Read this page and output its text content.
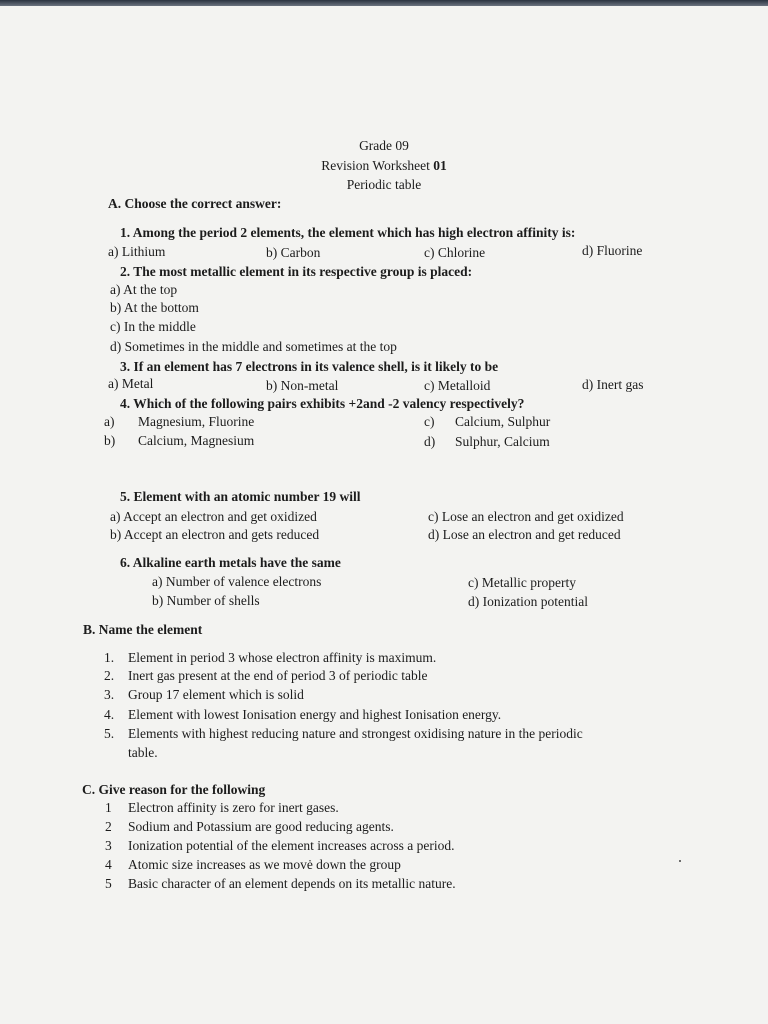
Grade 09
Revision Worksheet 01
Periodic table
A. Choose the correct answer:
1. Among the period 2 elements, the element which has high electron affinity is:
a) Lithium	b) Carbon	c) Chlorine	d) Fluorine
2. The most metallic element in its respective group is placed:
a) At the top
b) At the bottom
c) In the middle
d) Sometimes in the middle and sometimes at the top
3. If an element has 7 electrons in its valence shell, is it likely to be
a) Metal	b) Non-metal	c) Metalloid	d) Inert gas
4. Which of the following pairs exhibits +2and -2 valency respectively?
a) Magnesium, Fluorine
b) Calcium, Magnesium
c) Calcium, Sulphur
d) Sulphur, Calcium
5. Element with an atomic number 19 will
a) Accept an electron and get oxidized
b) Accept an electron and gets reduced
c) Lose an electron and get oxidized
d) Lose an electron and get reduced
6. Alkaline earth metals have the same
a) Number of valence electrons
b) Number of shells
c) Metallic property
d) Ionization potential
B. Name the element
1. Element in period 3 whose electron affinity is maximum.
2. Inert gas present at the end of period 3 of periodic table
3. Group 17 element which is solid
4. Element with lowest Ionisation energy and highest Ionisation energy.
5. Elements with highest reducing nature and strongest oxidising nature in the periodic
table.
C. Give reason for the following
1 Electron affinity is zero for inert gases.
2 Sodium and Potassium are good reducing agents.
3 Ionization potential of the element increases across a period.
4 Atomic size increases as we movė down the group
5 Basic character of an element depends on its metallic nature.
